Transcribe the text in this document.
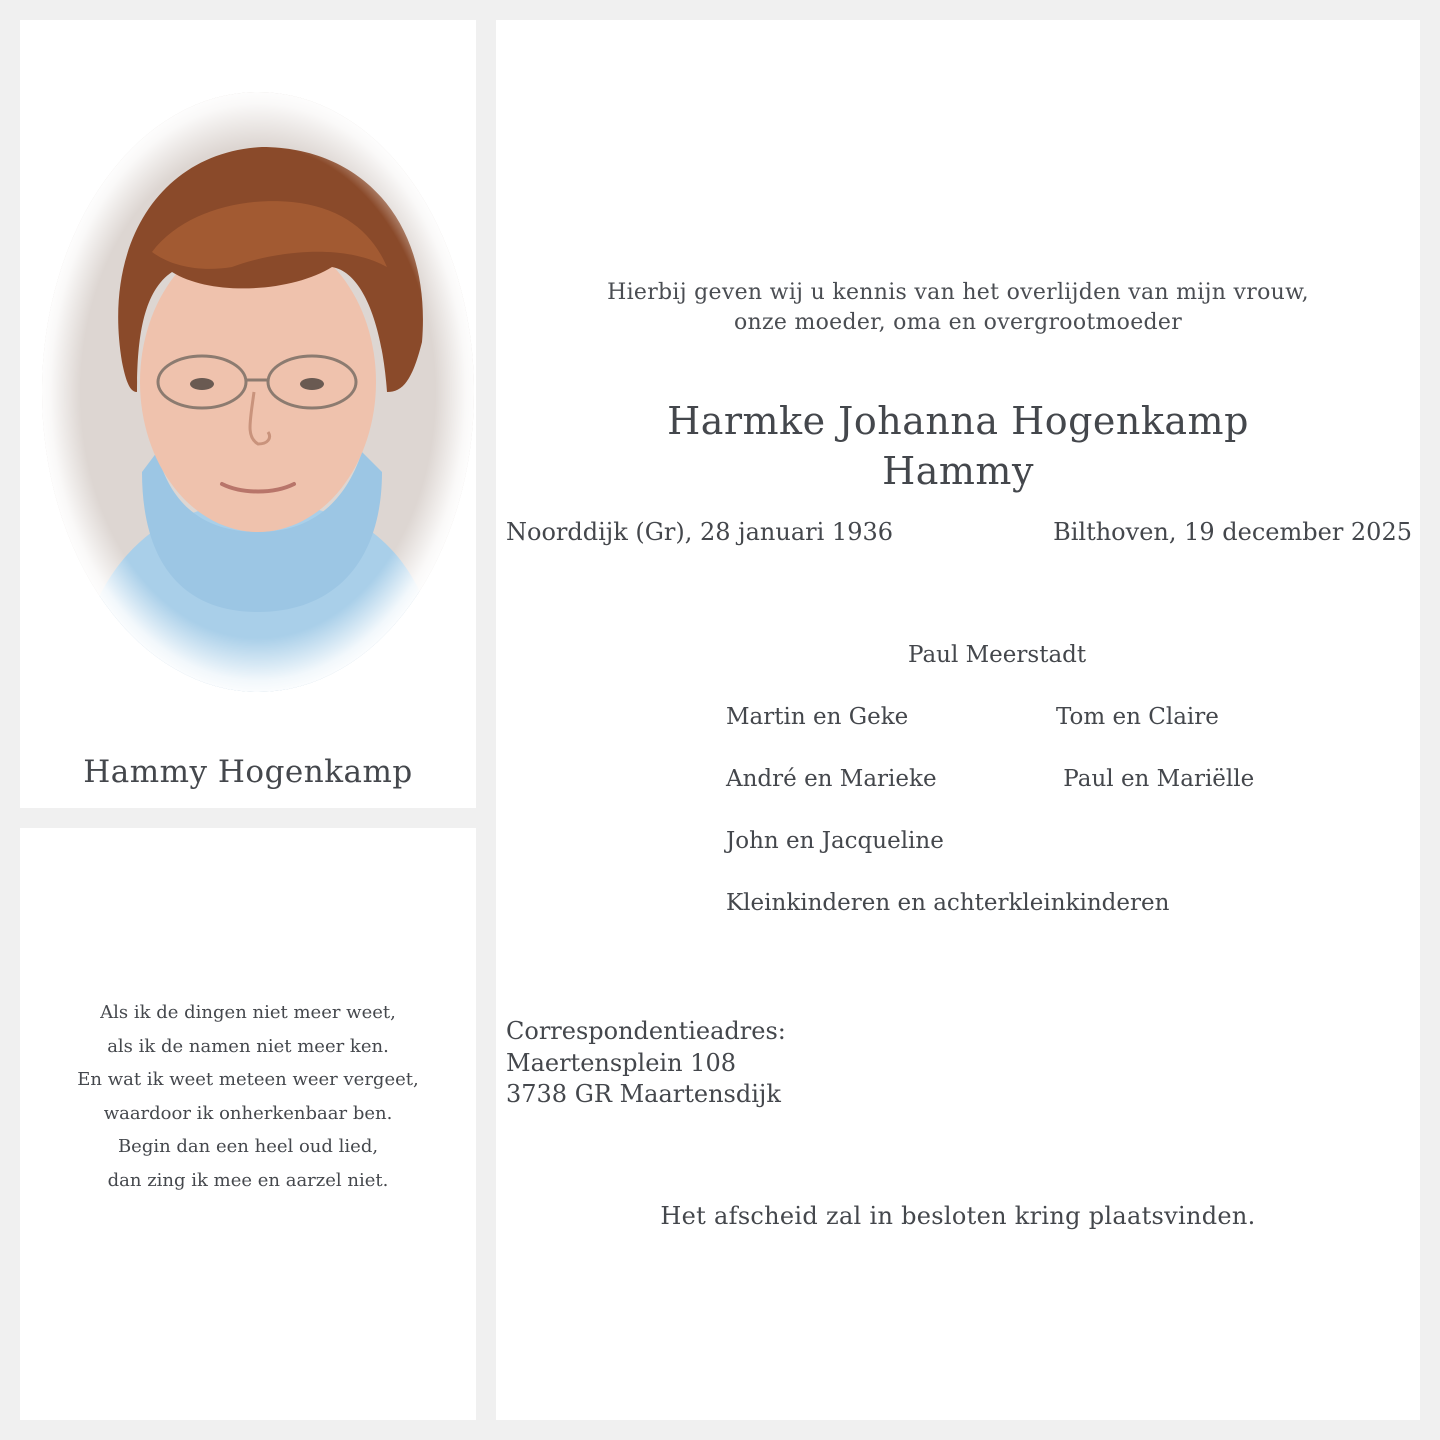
Hammy Hogenkamp
Als ik de dingen niet meer weet,
als ik de namen niet meer ken.
En wat ik weet meteen weer vergeet,
waardoor ik onherkenbaar ben.
Begin dan een heel oud lied,
dan zing ik mee en aarzel niet.
Hierbij geven wij u kennis van het overlijden van mijn vrouw,
onze moeder, oma en overgrootmoeder
Harmke Johanna Hogenkamp
Hammy
Noorddijk (Gr), 28 januari 1936	Bilthoven, 19 december 2025
Paul Meerstadt
Martin en Geke	Tom en Claire
André en Marieke	Paul en Mariëlle
John en Jacqueline
Kleinkinderen en achterkleinkinderen
Correspondentieadres:
Maertensplein 108
3738 GR Maartensdijk
Het afscheid zal in besloten kring plaatsvinden.
